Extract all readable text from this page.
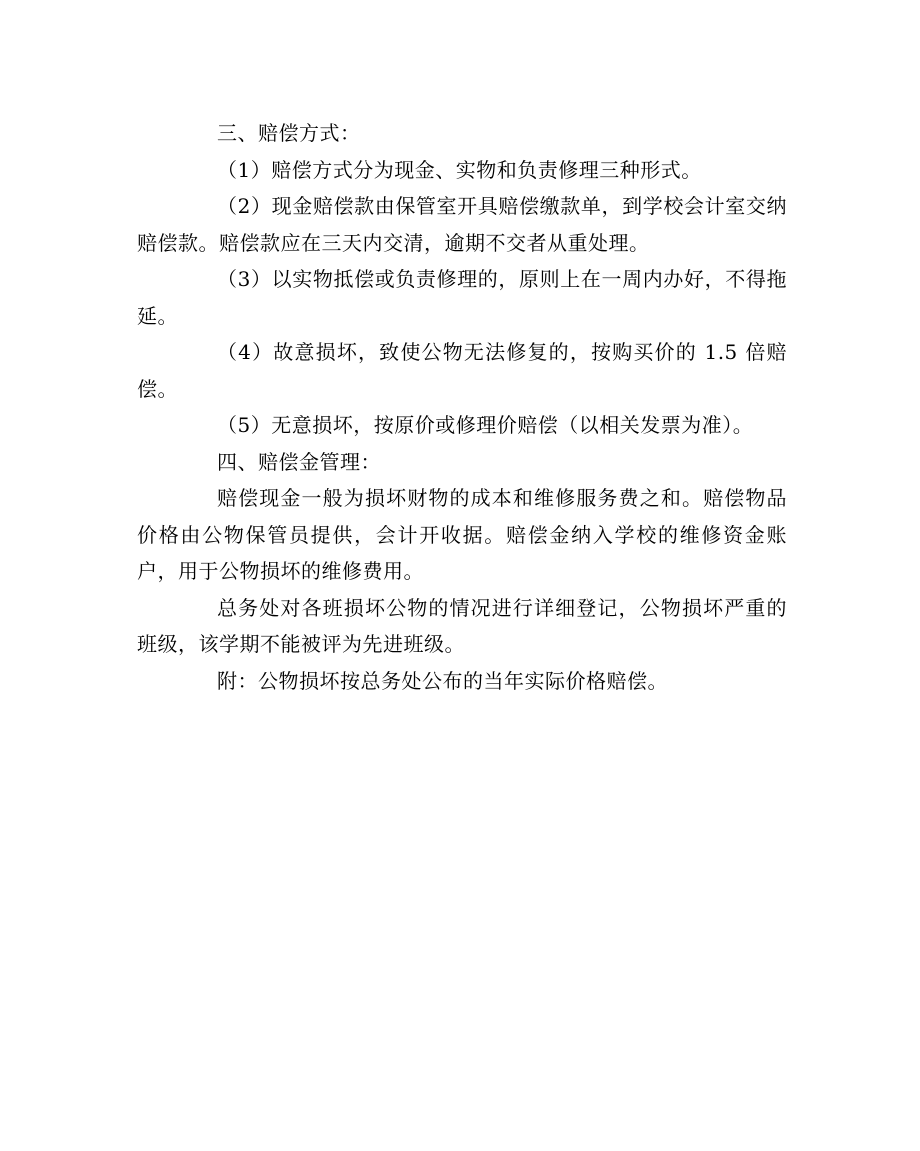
三、赔偿方式：

（1）赔偿方式分为现金、实物和负责修理三种形式。

（2）现金赔偿款由保管室开具赔偿缴款单，到学校会计室交纳赔偿款。赔偿款应在三天内交清，逾期不交者从重处理。

（3）以实物抵偿或负责修理的，原则上在一周内办好，不得拖延。

（4）故意损坏，致使公物无法修复的，按购买价的 1.5 倍赔偿。

（5）无意损坏，按原价或修理价赔偿（以相关发票为准）。

四、赔偿金管理：

赔偿现金一般为损坏财物的成本和维修服务费之和。赔偿物品价格由公物保管员提供，会计开收据。赔偿金纳入学校的维修资金账户，用于公物损坏的维修费用。

总务处对各班损坏公物的情况进行详细登记，公物损坏严重的班级，该学期不能被评为先进班级。

附：公物损坏按总务处公布的当年实际价格赔偿。
